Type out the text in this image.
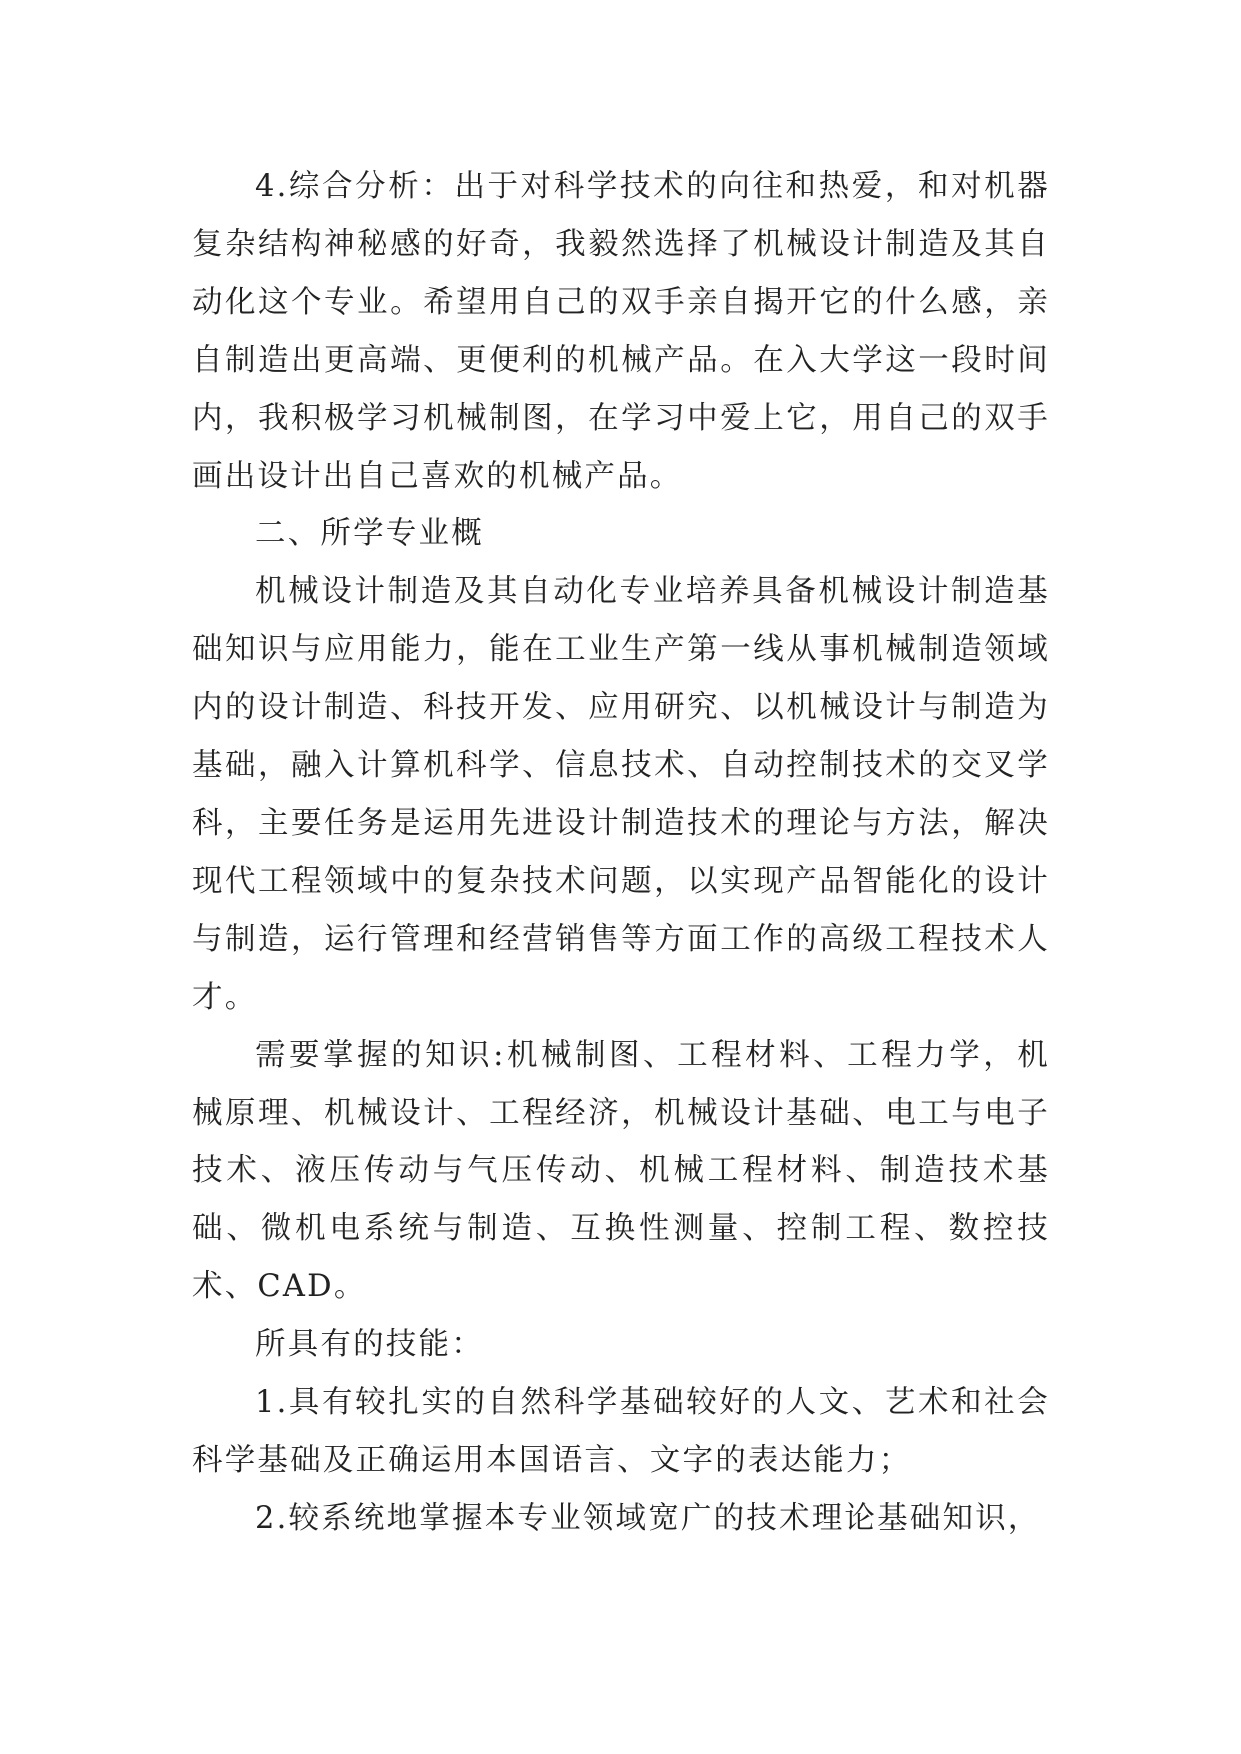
4.综合分析：出于对科学技术的向往和热爱，和对机器复杂结构神秘感的好奇，我毅然选择了机械设计制造及其自动化这个专业。希望用自己的双手亲自揭开它的什么感，亲自制造出更高端、更便利的机械产品。在入大学这一段时间内，我积极学习机械制图，在学习中爱上它，用自己的双手画出设计出自己喜欢的机械产品。

二、所学专业概

机械设计制造及其自动化专业培养具备机械设计制造基础知识与应用能力，能在工业生产第一线从事机械制造领域内的设计制造、科技开发、应用研究、以机械设计与制造为基础，融入计算机科学、信息技术、自动控制技术的交叉学科，主要任务是运用先进设计制造技术的理论与方法，解决现代工程领域中的复杂技术问题，以实现产品智能化的设计与制造，运行管理和经营销售等方面工作的高级工程技术人才。

需要掌握的知识:机械制图、工程材料、工程力学，机械原理、机械设计、工程经济，机械设计基础、电工与电子技术、液压传动与气压传动、机械工程材料、制造技术基础、微机电系统与制造、互换性测量、控制工程、数控技术、CAD。

所具有的技能：

1.具有较扎实的自然科学基础较好的人文、艺术和社会科学基础及正确运用本国语言、文字的表达能力；

2.较系统地掌握本专业领域宽广的技术理论基础知识，
